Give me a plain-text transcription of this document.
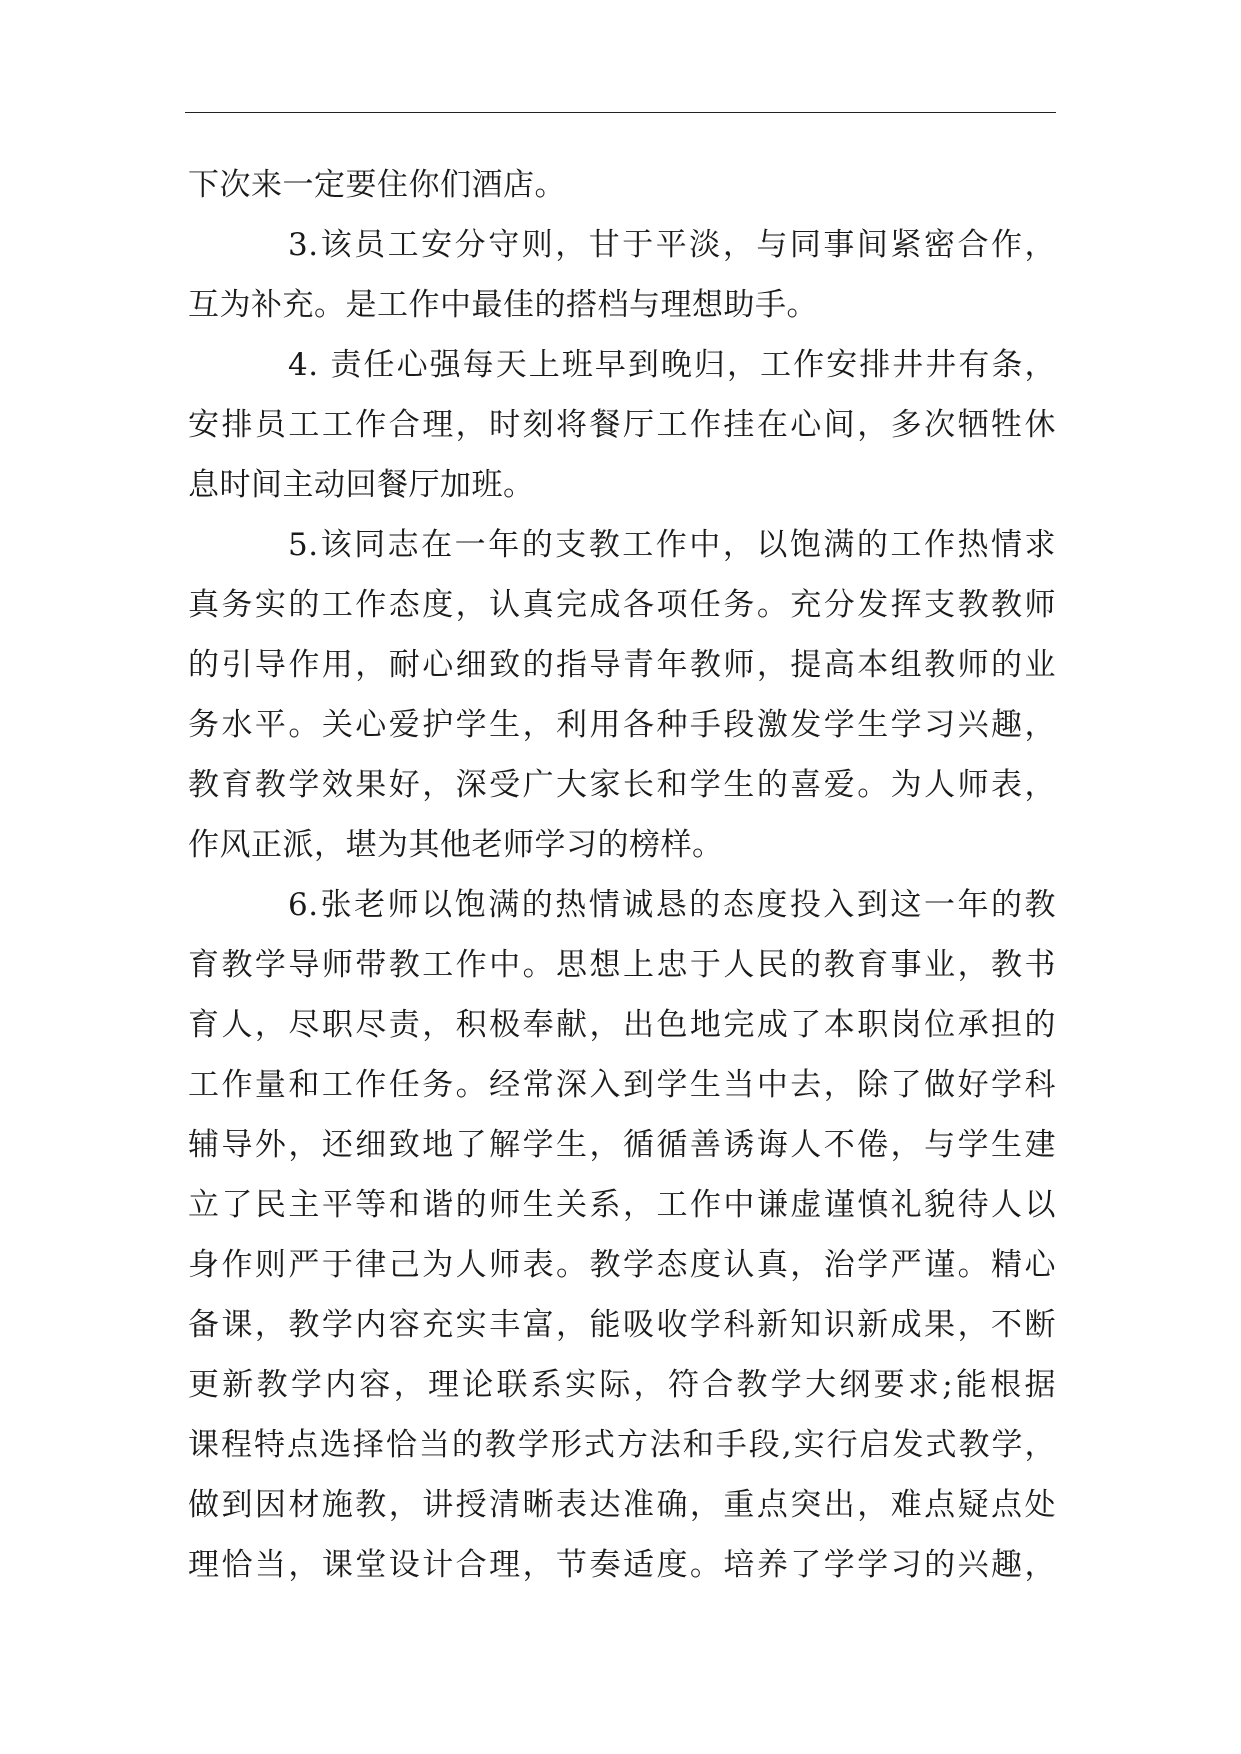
下次来一定要住你们酒店。
3.该员工安分守则，甘于平淡，与同事间紧密合作，
互为补充。是工作中最佳的搭档与理想助手。
4. 责任心强每天上班早到晚归，工作安排井井有条，
安排员工工作合理，时刻将餐厅工作挂在心间，多次牺牲休
息时间主动回餐厅加班。
5.该同志在一年的支教工作中，以饱满的工作热情求
真务实的工作态度，认真完成各项任务。充分发挥支教教师
的引导作用，耐心细致的指导青年教师，提高本组教师的业
务水平。关心爱护学生，利用各种手段激发学生学习兴趣，
教育教学效果好，深受广大家长和学生的喜爱。为人师表，
作风正派，堪为其他老师学习的榜样。
6.张老师以饱满的热情诚恳的态度投入到这一年的教
育教学导师带教工作中。思想上忠于人民的教育事业，教书
育人，尽职尽责，积极奉献，出色地完成了本职岗位承担的
工作量和工作任务。经常深入到学生当中去，除了做好学科
辅导外，还细致地了解学生，循循善诱诲人不倦，与学生建
立了民主平等和谐的师生关系，工作中谦虚谨慎礼貌待人以
身作则严于律己为人师表。教学态度认真，治学严谨。精心
备课，教学内容充实丰富，能吸收学科新知识新成果，不断
更新教学内容，理论联系实际，符合教学大纲要求;能根据
课程特点选择恰当的教学形式方法和手段,实行启发式教学，
做到因材施教，讲授清晰表达准确，重点突出，难点疑点处
理恰当，课堂设计合理，节奏适度。培养了学学习的兴趣，
